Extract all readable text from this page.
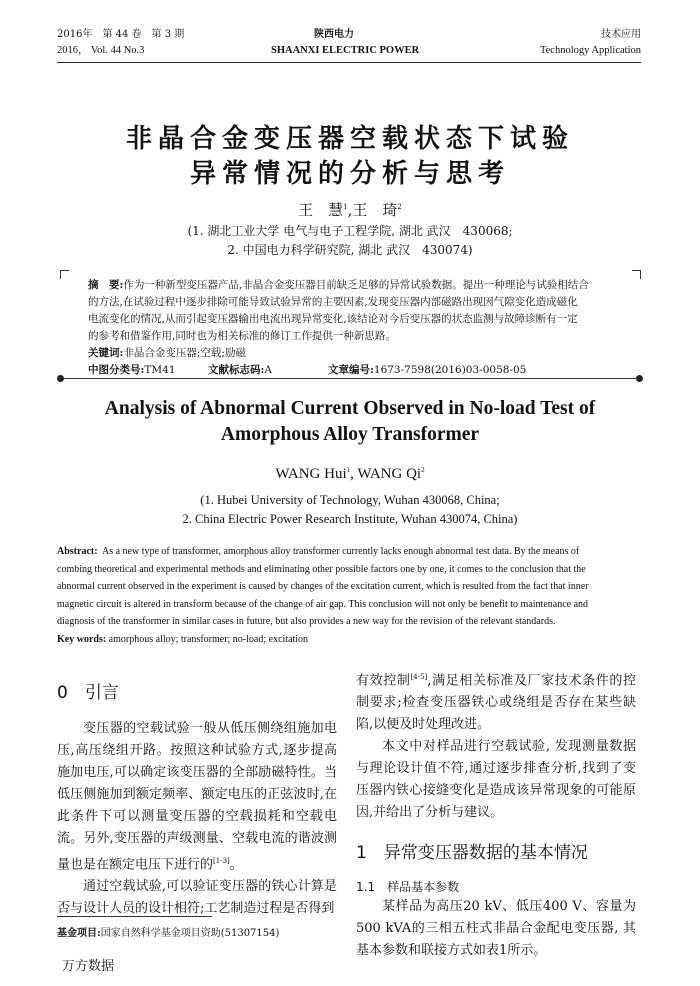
2016年　第 44 卷　第 3 期	陕西电力	技术应用
2016， Vol. 44 No.3	SHAANXI ELECTRIC POWER	Technology Application
非晶合金变压器空载状态下试验
异常情况的分析与思考
王　慧$^1$,王　琦$^2$
(1. 湖北工业大学 电气与电子工程学院, 湖北 武汉　430068;
2. 中国电力科学研究院, 湖北 武汉　430074)

摘　要:作为一种新型变压器产品,非晶合金变压器目前缺乏足够的异常试验数据。提出一种理论与试验相结合

的方法,在试验过程中逐步排除可能导致试验异常的主要因素,发现变压器内部磁路出现因气隙变化造成磁化

电流变化的情况,从而引起变压器输出电流出现异常变化,该结论对今后变压器的状态监测与故障诊断有一定

的参考和借鉴作用,同时也为相关标准的修订工作提供一种新思路。

关键词:非晶合金变压器;空载;励磁

中图分类号:TM41	文献标志码:A	文章编号:1673-7598(2016)03-0058-05

Analysis of Abnormal Current Observed in No-load Test of
Amorphous Alloy Transformer
WANG Hui$^1$, WANG Qi$^2$
(1. Hubei University of Technology, Wuhan 430068, China;
2. China Electric Power Research Institute, Wuhan 430074, China)

Abstract: As a new type of transformer, amorphous alloy transformer currently lacks enough abnormal test data. By the means of

combing theoretical and experimental methods and eliminating other possible factors one by one, it comes to the conclusion that the

abnormal current observed in the experiment is caused by changes of the excitation current, which is resulted from the fact that inner

magnetic circuit is altered in transform because of the change of air gap. This conclusion will not only be benefit to maintenance and

diagnosis of the transformer in similar cases in future, but also provides a new way for the revision of the relevant standards.

Key words: amorphous alloy; transformer; no-load; excitation

0　引言

变压器的空载试验一般从低压侧绕组施加电压,高压绕组开路。按照这种试验方式,逐步提高施加电压,可以确定该变压器的全部励磁特性。当低压侧施加到额定频率、额定电压的正弦波时,在此条件下可以测量变压器的空载损耗和空载电流。另外,变压器的声级测量、空载电流的谐波测量也是在额定电压下进行的[1-3]。

通过空载试验,可以验证变压器的铁心计算是否与设计人员的设计相符;工艺制造过程是否得到

基金项目:国家自然科学基金项目资助(51307154)

有效控制[4-5],满足相关标准及厂家技术条件的控制要求;检查变压器铁心或绕组是否存在某些缺陷,以便及时处理改进。

本文中对样品进行空载试验, 发现测量数据与理论设计值不符,通过逐步排查分析,找到了变压器内铁心接缝变化是造成该异常现象的可能原因,并给出了分析与建议。

1　异常变压器数据的基本情况
1.1　样品基本参数

某样品为高压20 kV、低压400 V、容量为500 kVA的三相五柱式非晶合金配电变压器, 其基本参数和联接方式如表1所示。

万方数据
